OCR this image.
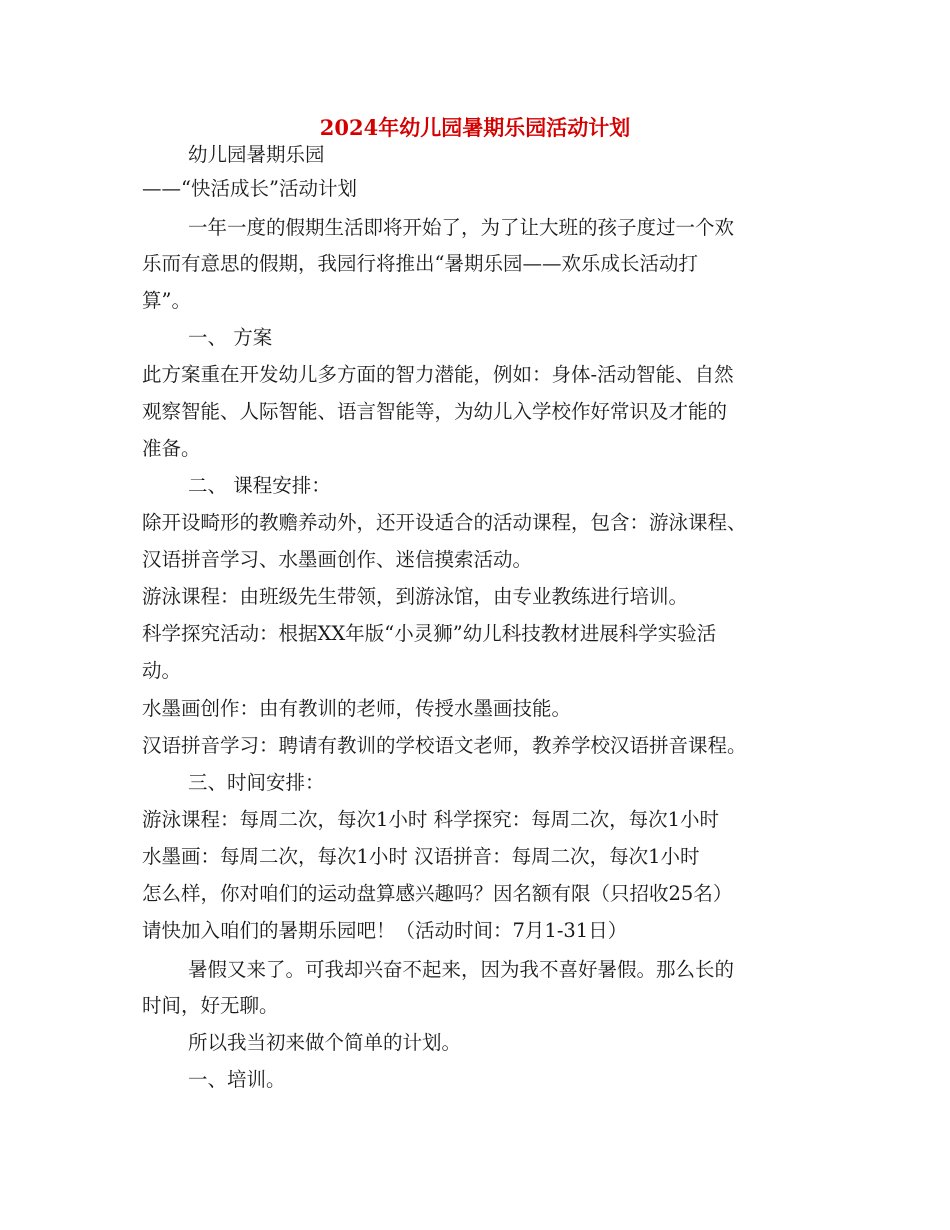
2024年幼儿园暑期乐园活动计划

幼儿园暑期乐园

——“快活成长”活动计划

一年一度的假期生活即将开始了，为了让大班的孩子度过一个欢

乐而有意思的假期，我园行将推出“暑期乐园——欢乐成长活动打

算”。

一、 方案

此方案重在开发幼儿多方面的智力潜能，例如：身体-活动智能、自然

观察智能、人际智能、语言智能等，为幼儿入学校作好常识及才能的

准备。

二、 课程安排：

除开设畸形的教赡养动外，还开设适合的活动课程，包含：游泳课程、

汉语拼音学习、水墨画创作、迷信摸索活动。

游泳课程：由班级先生带领，到游泳馆，由专业教练进行培训。

科学探究活动：根据XX年版“小灵狮”幼儿科技教材进展科学实验活

动。

水墨画创作：由有教训的老师，传授水墨画技能。

汉语拼音学习：聘请有教训的学校语文老师，教养学校汉语拼音课程。

三、时间安排：

游泳课程：每周二次，每次1小时 科学探究：每周二次，每次1小时

水墨画：每周二次，每次1小时 汉语拼音：每周二次，每次1小时

怎么样，你对咱们的运动盘算感兴趣吗？因名额有限（只招收25名）

请快加入咱们的暑期乐园吧！（活动时间：7月1-31日）

暑假又来了。可我却兴奋不起来，因为我不喜好暑假。那么长的

时间，好无聊。

所以我当初来做个简单的计划。

一、培训。
